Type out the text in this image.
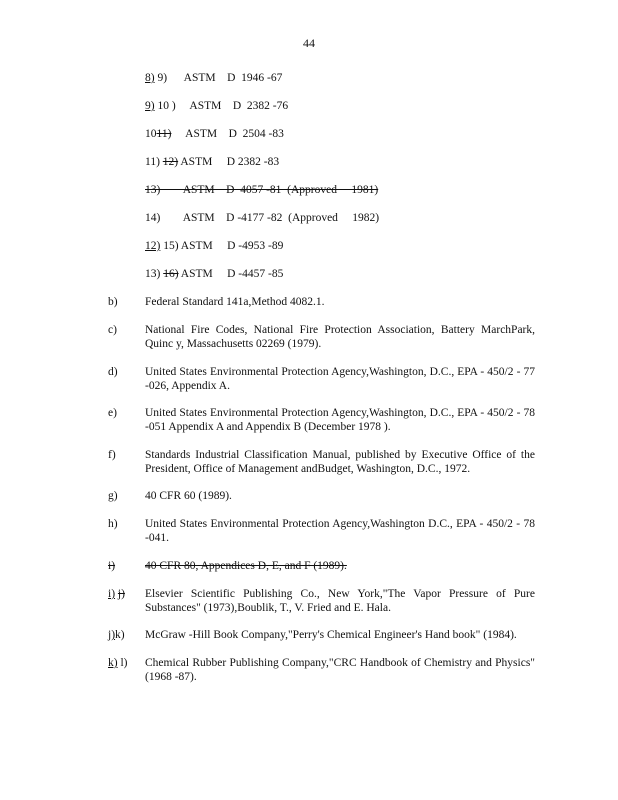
44
8) 9)      ASTM    D  1946 -67
9) 10 )     ASTM    D  2382 -76
1011)     ASTM    D  2504 -83
11) 12) ASTM     D 2382 -83
13)        ASTM    D  4057 -81  (Approved     1981)
14)        ASTM    D -4177 -82  (Approved     1982)
12) 15) ASTM     D -4953 -89
13) 16) ASTM     D -4457 -85
b) Federal Standard 141a,Method 4082.1.
c) National Fire Codes, National Fire Protection Association, Battery MarchPark, Quinc y, Massachusetts 02269 (1979).
d) United States Environmental Protection Agency,Washington, D.C., EPA - 450/2 - 77 -026, Appendix A.
e) United States Environmental Protection Agency,Washington, D.C., EPA - 450/2 - 78 -051 Appendix A and Appendix B (December 1978 ).
f)	Standards Industrial Classification Manual, published by Executive Office of the President, Office of Management andBudget, Washington, D.C., 1972.
g) 40 CFR 60 (1989).
h) United States Environmental Protection Agency,Washington D.C., EPA - 450/2 - 78 -041.
i)	40 CFR 80, Appendices D, E, and F (1989).
i) j) Elsevier Scientific Publishing Co., New York,"The Vapor Pressure of Pure Substances" (1973),Boublik, T., V. Fried and E. Hala.
j)k) McGraw -Hill Book Company,"Perry's Chemical Engineer's Hand book" (1984).
k) l) Chemical Rubber Publishing Company,"CRC Handbook of Chemistry and Physics" (1968 -87).
